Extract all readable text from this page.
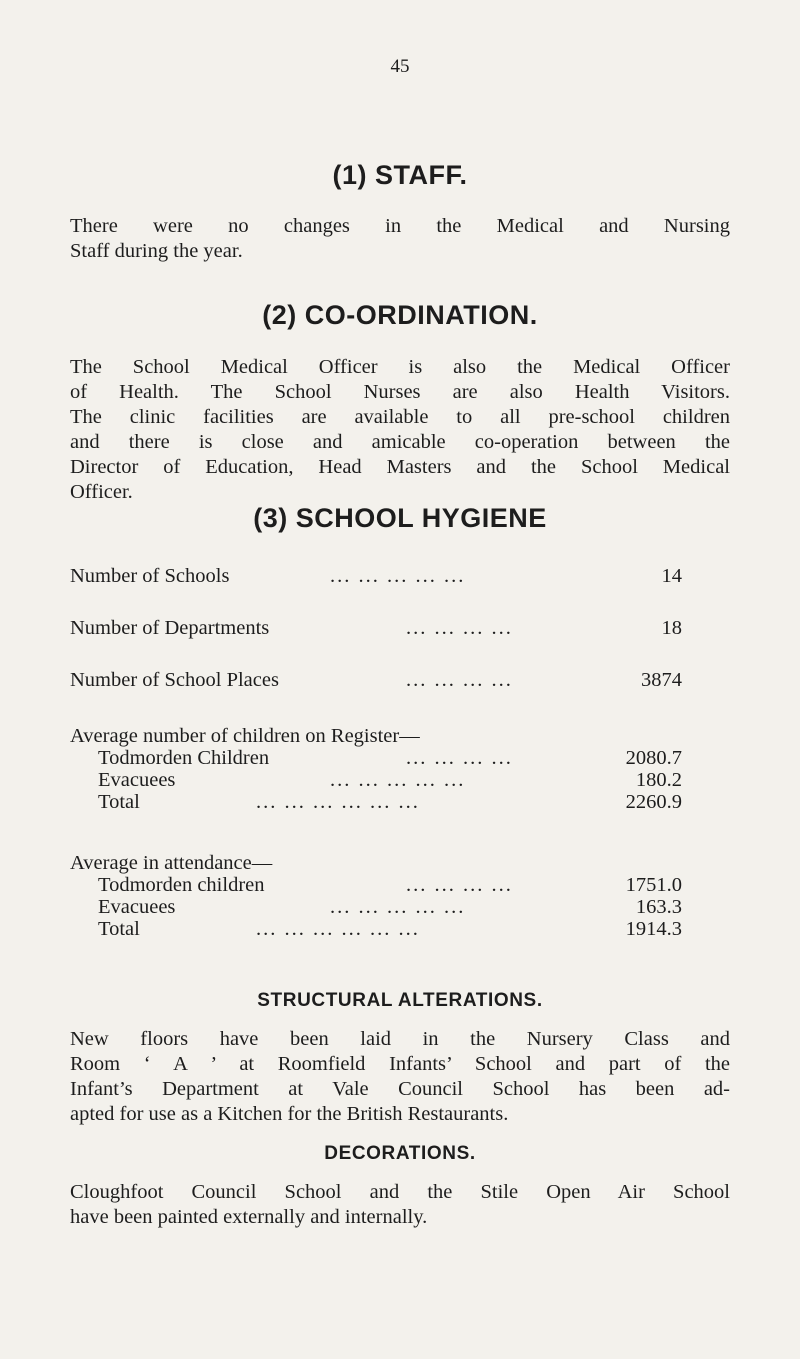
45
(1) STAFF.
There were no changes in the Medical and Nursing
Staff during the year.
(2) CO-ORDINATION.
The School Medical Officer is also the Medical Officer
of Health. The School Nurses are also Health Visitors.
The clinic facilities are available to all pre-school children
and there is close and amicable co-operation between the
Director of Education, Head Masters and the School Medical
Officer.
(3) SCHOOL HYGIENE
Number of Schools	... ... ... ... ...	14
Number of Departments	... ... ... ...	18
Number of School Places	... ... ... ...	3874
Average number of children on Register—
Todmorden Children	... ... ... ...	2080.7
Evacuees	... ... ... ... ...	180.2
Total	... ... ... ... ... ...	2260.9
Average in attendance—
Todmorden children	... ... ... ...	1751.0
Evacuees	... ... ... ... ...	163.3
Total	... ... ... ... ... ...	1914.3
STRUCTURAL ALTERATIONS.
New floors have been laid in the Nursery Class and
Room ‘ A ’ at Roomfield Infants’ School and part of the
Infant’s Department at Vale Council School has been ad-
apted for use as a Kitchen for the British Restaurants.
DECORATIONS.
Cloughfoot Council School and the Stile Open Air School
have been painted externally and internally.
